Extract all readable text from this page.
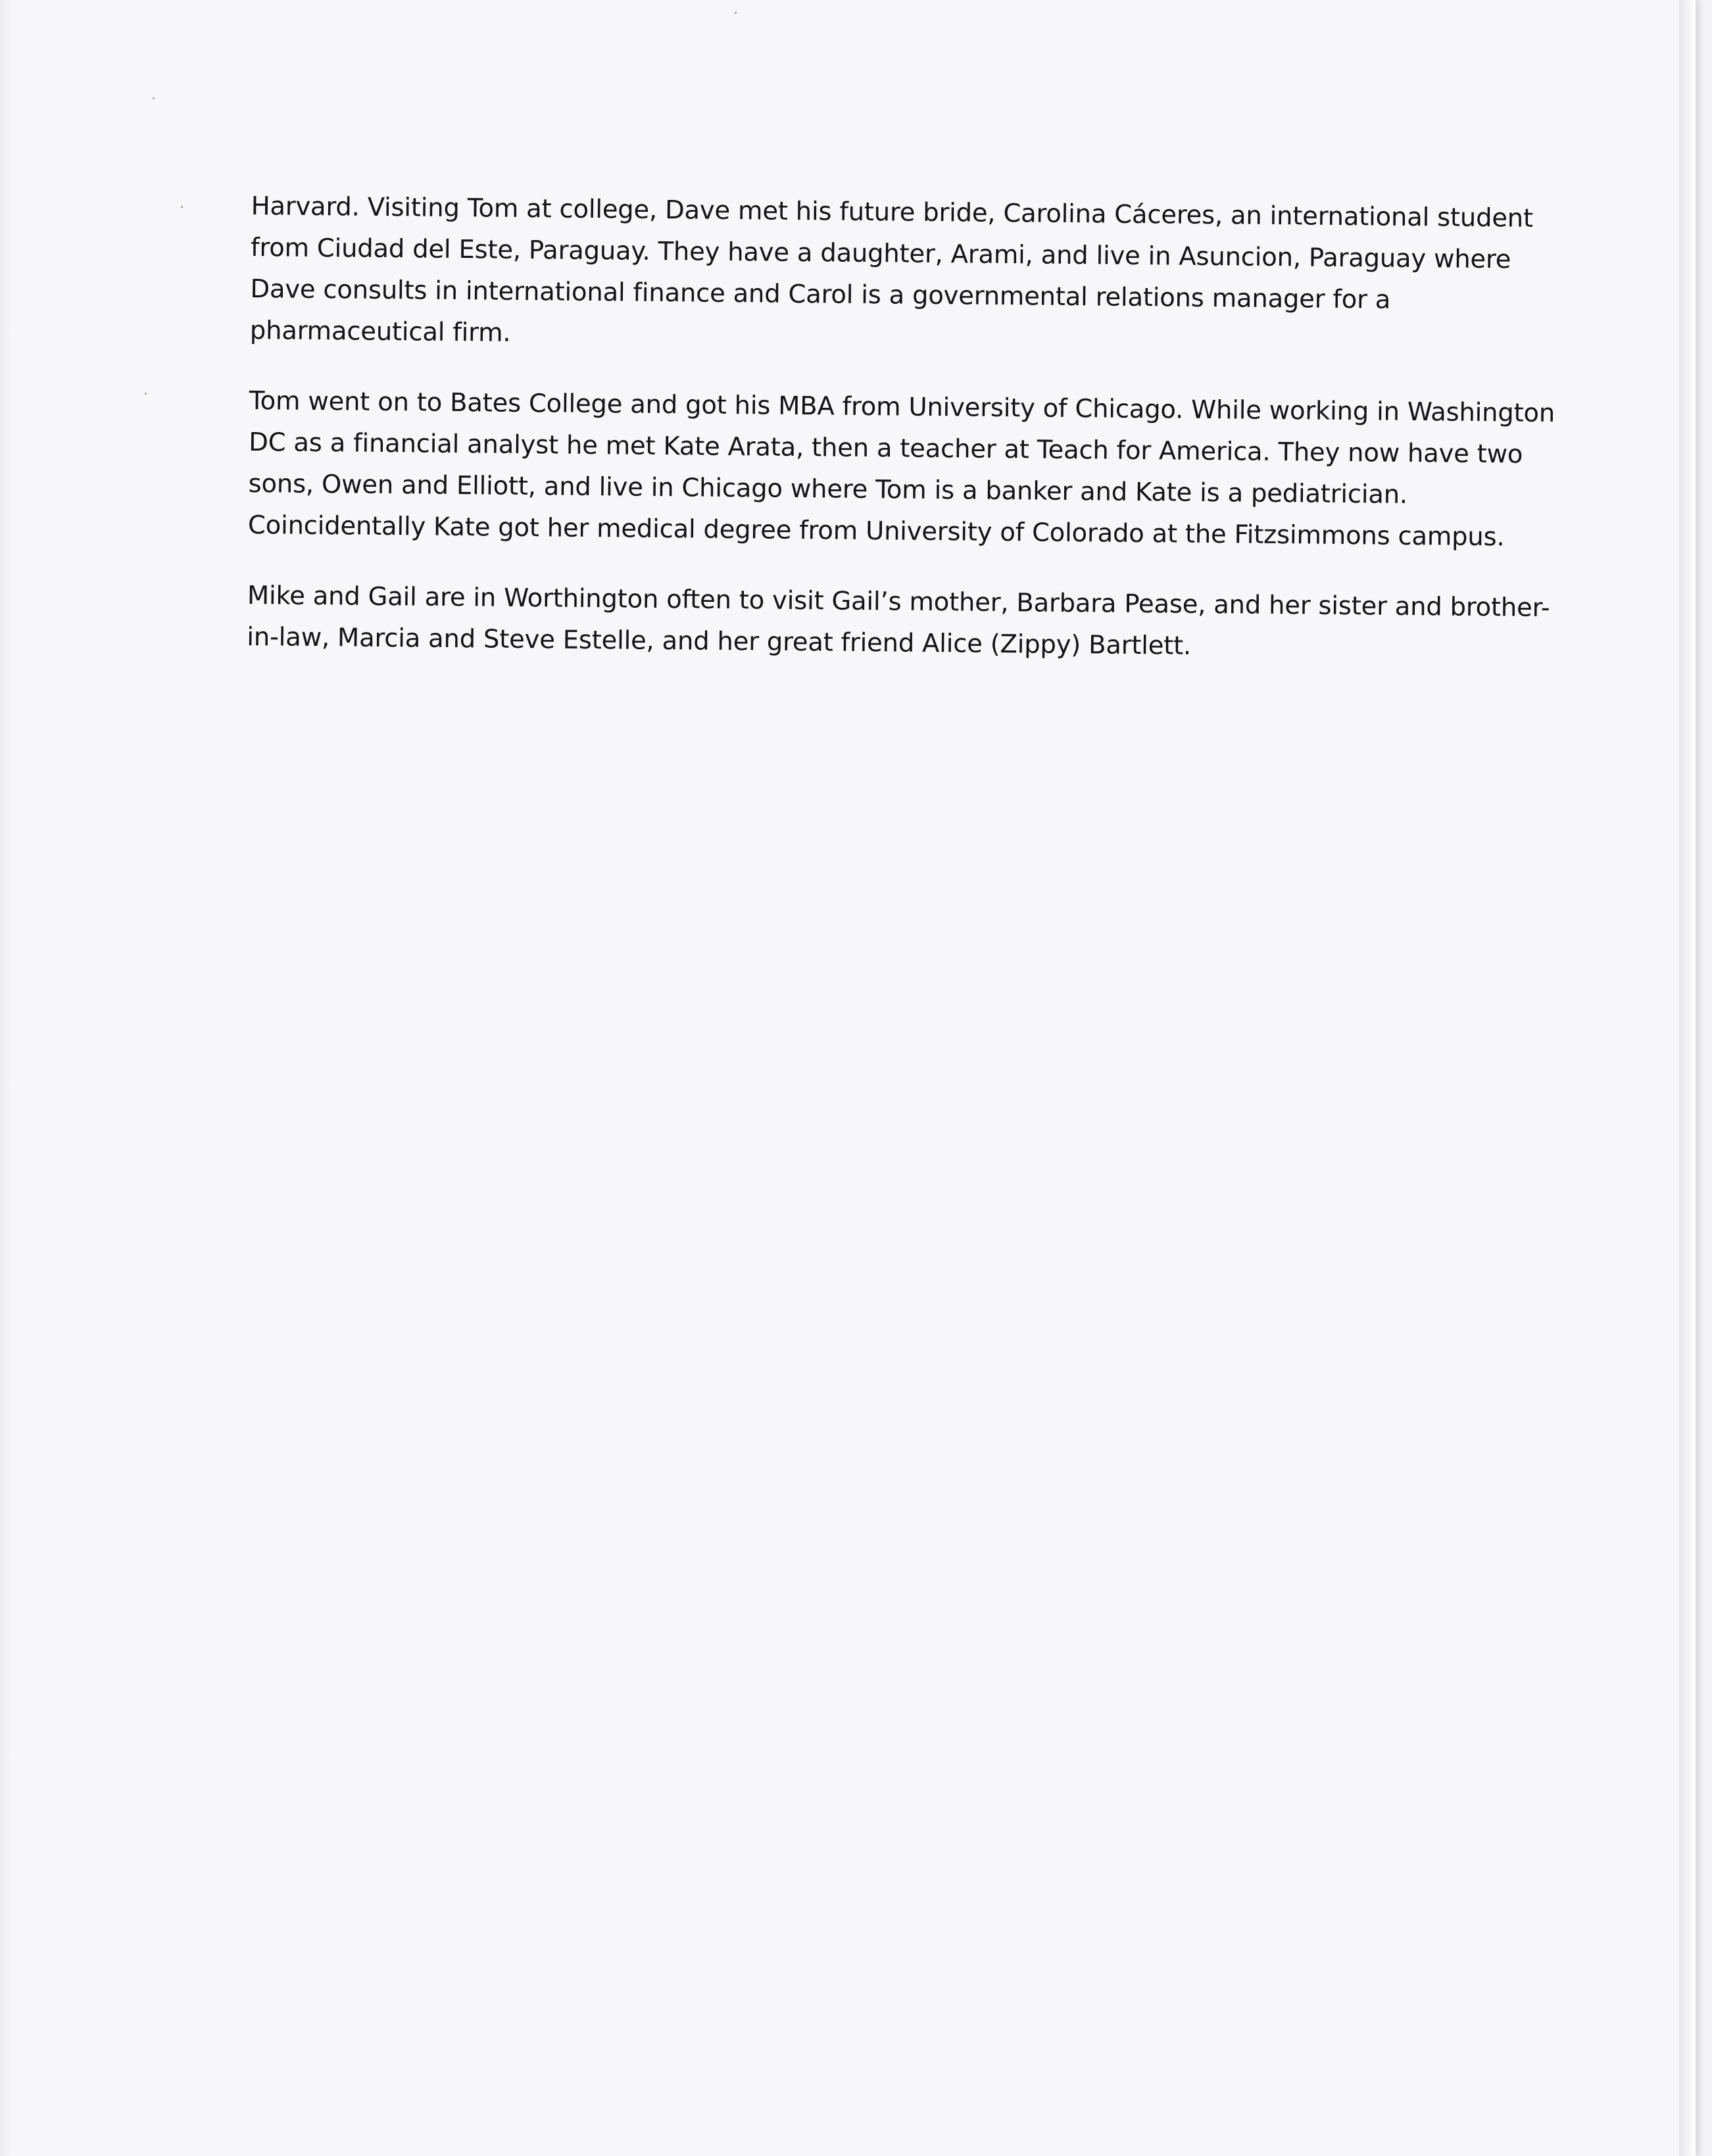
Harvard. Visiting Tom at college, Dave met his future bride, Carolina Cáceres, an international student
from Ciudad del Este, Paraguay. They have a daughter, Arami, and live in Asuncion, Paraguay where
Dave consults in international finance and Carol is a governmental relations manager for a
pharmaceutical firm.

Tom went on to Bates College and got his MBA from University of Chicago. While working in Washington
DC as a financial analyst he met Kate Arata, then a teacher at Teach for America. They now have two
sons, Owen and Elliott, and live in Chicago where Tom is a banker and Kate is a pediatrician.
Coincidentally Kate got her medical degree from University of Colorado at the Fitzsimmons campus.

Mike and Gail are in Worthington often to visit Gail’s mother, Barbara Pease, and her sister and brother-
in-law, Marcia and Steve Estelle, and her great friend Alice (Zippy) Bartlett.
